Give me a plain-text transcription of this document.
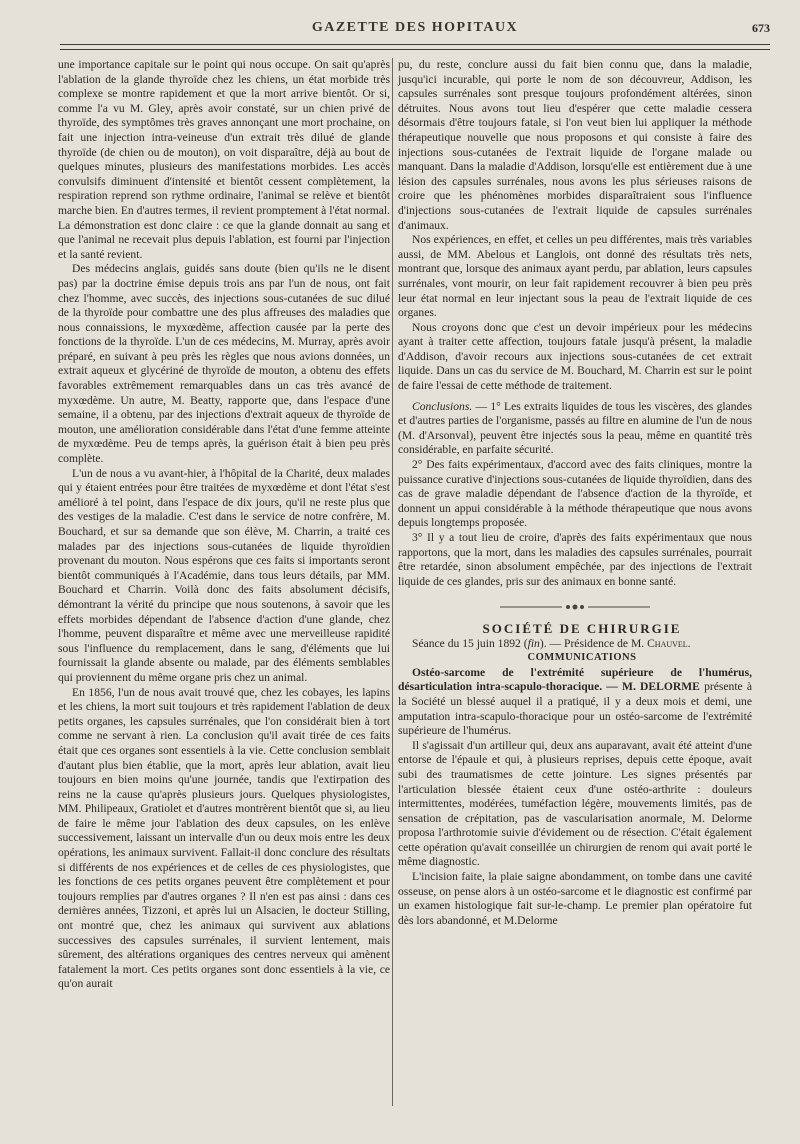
GAZETTE DES HOPITAUX	673

une importance capitale sur le point qui nous occupe. On sait qu'après l'ablation de la glande thyroïde chez les chiens, un état morbide très complexe se montre rapidement et que la mort arrive bientôt. Or si, comme l'a vu M. Gley, après avoir constaté, sur un chien privé de thyroïde, des symptômes très graves annonçant une mort prochaine, on fait une injection intra-veineuse d'un extrait très dilué de glande thyroïde (de chien ou de mouton), on voit disparaître, déjà au bout de quelques minutes, plusieurs des manifestations morbides. Les accès convulsifs diminuent d'intensité et bientôt cessent complètement, la respiration reprend son rythme ordinaire, l'animal se relève et bientôt marche bien. En d'autres termes, il revient promptement à l'état normal. La démonstration est donc claire : ce que la glande donnait au sang et que l'animal ne recevait plus depuis l'ablation, est fourni par l'injection et la santé revient.

Des médecins anglais, guidés sans doute (bien qu'ils ne le disent pas) par la doctrine émise depuis trois ans par l'un de nous, ont fait chez l'homme, avec succès, des injections sous-cutanées de suc dilué de la thyroïde pour combattre une des plus affreuses des maladies que nous connaissions, le myxœdème, affection causée par la perte des fonctions de la thyroïde. L'un de ces médecins, M. Murray, après avoir préparé, en suivant à peu près les règles que nous avions données, un extrait aqueux et glycériné de thyroïde de mouton, a obtenu des effets favorables extrêmement remarquables dans un cas très avancé de myxœdème. Un autre, M. Beatty, rapporte que, dans l'espace d'une semaine, il a obtenu, par des injections d'extrait aqueux de thyroïde de mouton, une amélioration considérable dans l'état d'une femme atteinte de myxœdème. Peu de temps après, la guérison était à bien peu près complète.

L'un de nous a vu avant-hier, à l'hôpital de la Charité, deux malades qui y étaient entrées pour être traitées de myxœdème et dont l'état s'est amélioré à tel point, dans l'espace de dix jours, qu'il ne reste plus que des vestiges de la maladie. C'est dans le service de notre confrère, M. Bouchard, et sur sa demande que son élève, M. Charrin, a traité ces malades par des injections sous-cutanées de liquide thyroïdien provenant du mouton. Nous espérons que ces faits si importants seront bientôt communiqués à l'Académie, dans tous leurs détails, par MM. Bouchard et Charrin. Voilà donc des faits absolument décisifs, démontrant la vérité du principe que nous soutenons, à savoir que les effets morbides dépendant de l'absence d'action d'une glande, chez l'homme, peuvent disparaître et même avec une merveilleuse rapidité sous l'influence du remplacement, dans le sang, d'éléments que lui fournissait la glande absente ou malade, par des éléments semblables qui proviennent du même organe pris chez un animal.

En 1856, l'un de nous avait trouvé que, chez les cobayes, les lapins et les chiens, la mort suit toujours et très rapidement l'ablation de deux petits organes, les capsules surrénales, que l'on considérait bien à tort comme ne servant à rien. La conclusion qu'il avait tirée de ces faits était que ces organes sont essentiels à la vie. Cette conclusion semblait d'autant plus bien établie, que la mort, après leur ablation, avait lieu toujours en bien moins qu'une journée, tandis que l'extirpation des reins ne la cause qu'après plusieurs jours. Quelques physiologistes, MM. Philipeaux, Gratiolet et d'autres montrèrent bientôt que si, au lieu de faire le même jour l'ablation des deux capsules, on les enlève successivement, laissant un intervalle d'un ou deux mois entre les deux opérations, les animaux survivent. Fallait-il donc conclure des résultats si différents de nos expériences et de celles de ces physiologistes, que les fonctions de ces petits organes peuvent être complètement et pour toujours remplies par d'autres organes ? Il n'en est pas ainsi : dans ces dernières années, Tizzoni, et après lui un Alsacien, le docteur Stilling, ont montré que, chez les animaux qui survivent aux ablations successives des capsules surrénales, il survient lentement, mais sûrement, des altérations organiques des centres nerveux qui amènent fatalement la mort. Ces petits organes sont donc essentiels à la vie, ce qu'on aurait

pu, du reste, conclure aussi du fait bien connu que, dans la maladie, jusqu'ici incurable, qui porte le nom de son découvreur, Addison, les capsules surrénales sont presque toujours profondément altérées, sinon détruites. Nous avons tout lieu d'espérer que cette maladie cessera désormais d'être toujours fatale, si l'on veut bien lui appliquer la méthode thérapeutique nouvelle que nous proposons et qui consiste à faire des injections sous-cutanées de l'extrait liquide de l'organe malade ou manquant. Dans la maladie d'Addison, lorsqu'elle est entièrement due à une lésion des capsules surrénales, nous avons les plus sérieuses raisons de croire que les phénomènes morbides disparaîtraient sous l'influence d'injections sous-cutanées de l'extrait liquide de capsules surrénales d'animaux.

Nos expériences, en effet, et celles un peu différentes, mais très variables aussi, de MM. Abelous et Langlois, ont donné des résultats très nets, montrant que, lorsque des animaux ayant perdu, par ablation, leurs capsules surrénales, vont mourir, on leur fait rapidement recouvrer à bien peu près leur état normal en leur injectant sous la peau de l'extrait liquide de ces organes.

Nous croyons donc que c'est un devoir impérieux pour les médecins ayant à traiter cette affection, toujours fatale jusqu'à présent, la maladie d'Addison, d'avoir recours aux injections sous-cutanées de cet extrait liquide. Dans un cas du service de M. Bouchard, M. Charrin est sur le point de faire l'essai de cette méthode de traitement.

Conclusions. — 1° Les extraits liquides de tous les viscères, des glandes et d'autres parties de l'organisme, passés au filtre en alumine de l'un de nous (M. d'Arsonval), peuvent être injectés sous la peau, même en quantité très considérable, en parfaite sécurité.

2° Des faits expérimentaux, d'accord avec des faits cliniques, montre la puissance curative d'injections sous-cutanées de liquide thyroïdien, dans des cas de grave maladie dépendant de l'absence d'action de la thyroïde, et donnent un appui considérable à la méthode thérapeutique que nous avons depuis longtemps proposée.

3° Il y a tout lieu de croire, d'après des faits expérimentaux que nous rapportons, que la mort, dans les maladies des capsules surrénales, pourrait être retardée, sinon absolument empêchée, par des injections de l'extrait liquide de ces glandes, pris sur des animaux en bonne santé.

SOCIÉTÉ DE CHIRURGIE

Séance du 15 juin 1892 (fin). — Présidence de M. Chauvel.

COMMUNICATIONS

Ostéo-sarcome de l'extrémité supérieure de l'humérus, désarticulation intra-scapulo-thoracique. — M. DELORME présente à la Société un blessé auquel il a pratiqué, il y a deux mois et demi, une amputation intra-scapulo-thoracique pour un ostéo-sarcome de l'extrémité supérieure de l'humérus.

Il s'agissait d'un artilleur qui, deux ans auparavant, avait été atteint d'une entorse de l'épaule et qui, à plusieurs reprises, depuis cette époque, avait subi des traumatismes de cette jointure. Les signes présentés par l'articulation blessée étaient ceux d'une ostéo-arthrite : douleurs intermittentes, modérées, tuméfaction légère, mouvements limités, pas de sensation de crépitation, pas de vascularisation anormale, M. Delorme proposa l'arthrotomie suivie d'évidement ou de résection. C'était également cette opération qu'avait conseillée un chirurgien de renom qui avait porté le même diagnostic.

L'incision faite, la plaie saigne abondamment, on tombe dans une cavité osseuse, on pense alors à un ostéo-sarcome et le diagnostic est confirmé par un examen histologique fait sur-le-champ. Le premier plan opératoire fut dès lors abandonné, et M.Delorme
